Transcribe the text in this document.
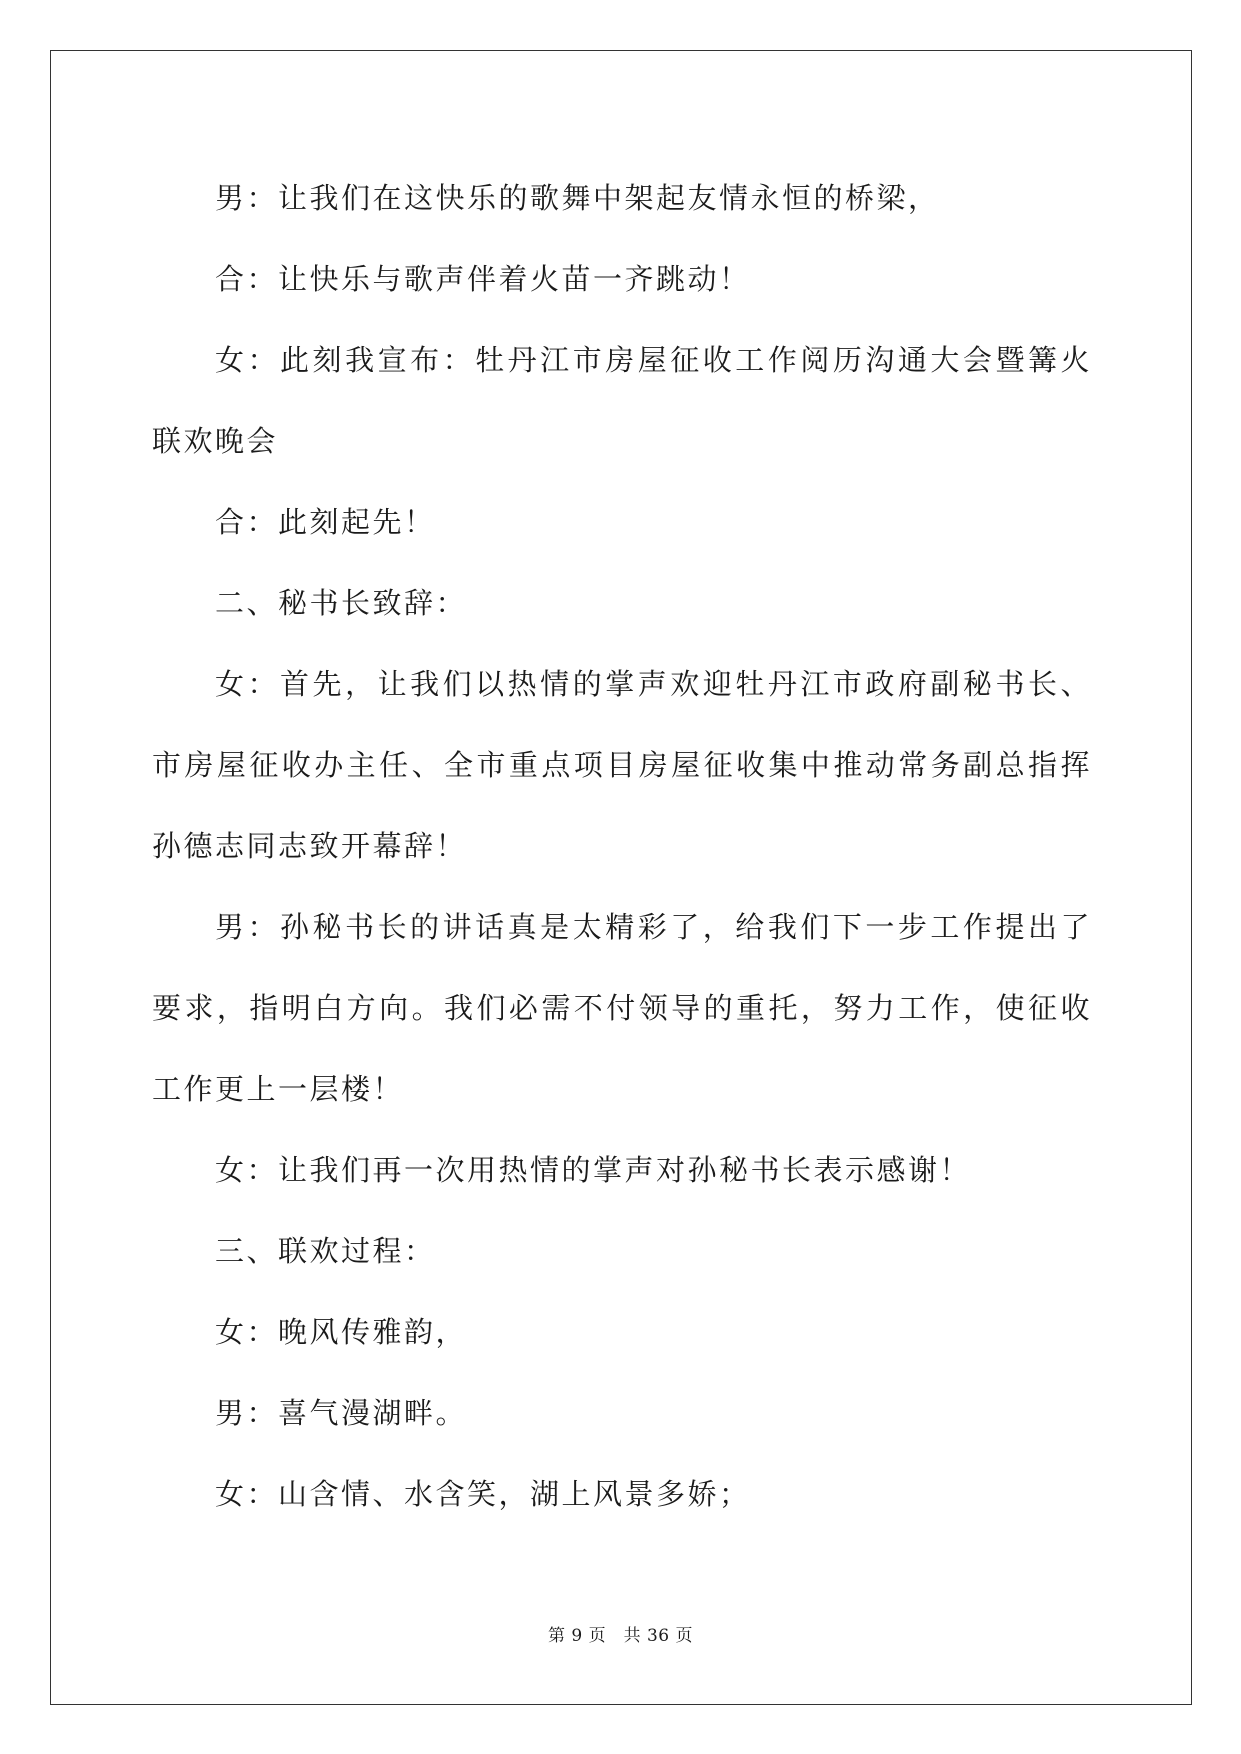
男：让我们在这快乐的歌舞中架起友情永恒的桥梁，

合：让快乐与歌声伴着火苗一齐跳动！

女：此刻我宣布：牡丹江市房屋征收工作阅历沟通大会暨篝火联欢晚会

合：此刻起先！

二、秘书长致辞：

女：首先，让我们以热情的掌声欢迎牡丹江市政府副秘书长、市房屋征收办主任、全市重点项目房屋征收集中推动常务副总指挥孙德志同志致开幕辞！

男：孙秘书长的讲话真是太精彩了，给我们下一步工作提出了要求，指明白方向。我们必需不付领导的重托，努力工作，使征收工作更上一层楼！

女：让我们再一次用热情的掌声对孙秘书长表示感谢！

三、联欢过程：

女：晚风传雅韵，

男：喜气漫湖畔。

女：山含情、水含笑，湖上风景多娇；

第 9 页　共 36 页
